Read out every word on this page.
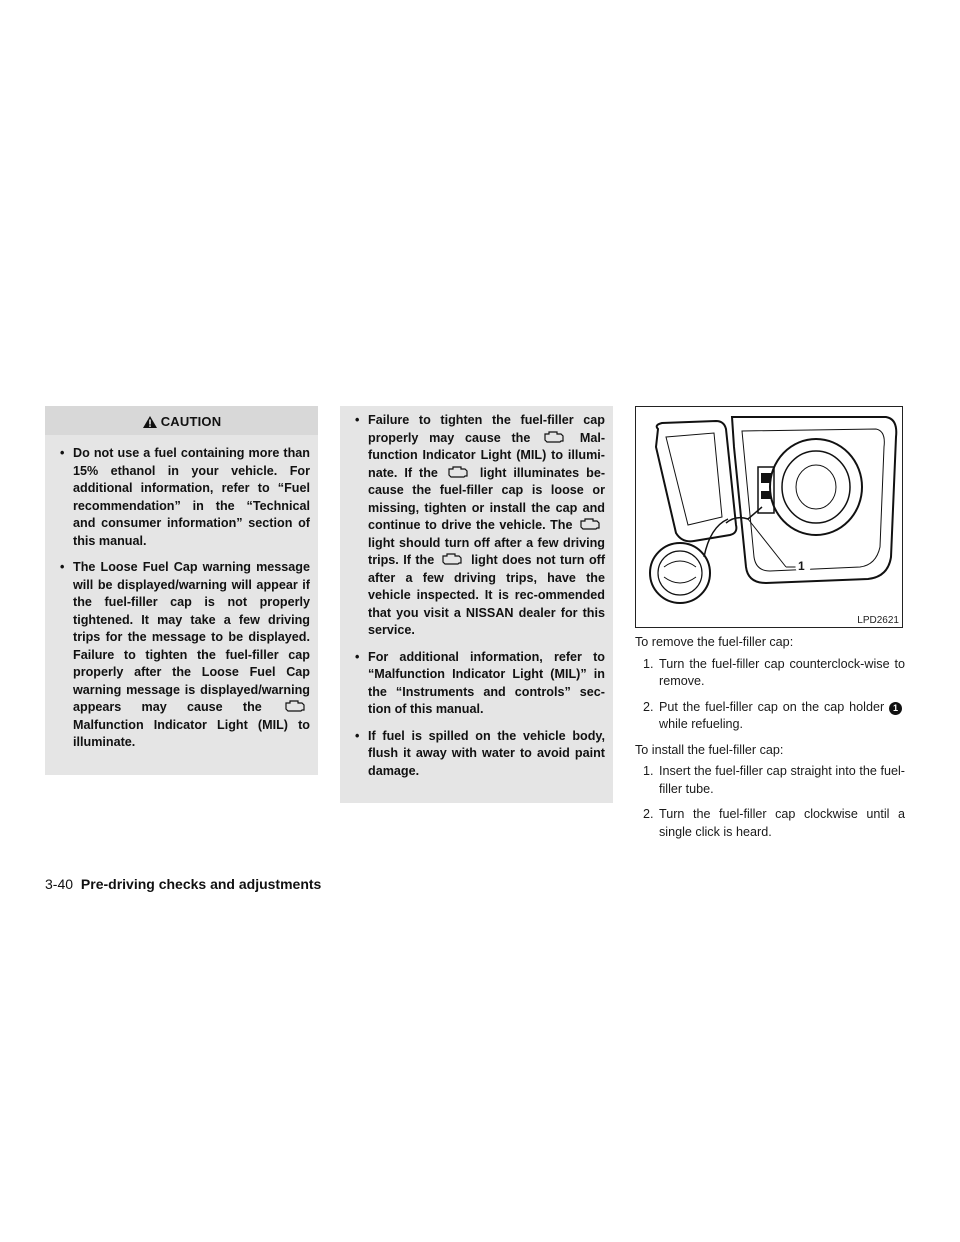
CAUTION
• Do not use a fuel containing more than 15% ethanol in your vehicle. For additional information, refer to “Fuel recommendation” in the “Technical and consumer information” section of this manual.
• The Loose Fuel Cap warning message will be displayed/warning will appear if the fuel-filler cap is not properly tightened. It may take a few driving trips for the message to be displayed. Failure to tighten the fuel-filler cap properly after the Loose Fuel Cap warning message is displayed/warning appears may cause the  Malfunction Indicator Light (MIL) to illuminate.
• Failure to tighten the fuel-filler cap properly may cause the	Mal-function Indicator Light (MIL) to illumi-nate. If the	light illuminates be-cause the fuel-filler cap is loose or missing, tighten or install the cap and continue to drive the vehicle. The  light should turn off after a few driving trips. If the	light does not turn off after a few driving trips, have the vehicle inspected. It is rec-ommended that you visit a NISSAN dealer for this service.
• For additional information, refer to “Malfunction Indicator Light (MIL)” in the “Instruments and controls” sec-tion of this manual.
• If fuel is spilled on the vehicle body, flush it away with water to avoid paint damage.
1
LPD2621

To remove the fuel-filler cap:

1. Turn the fuel-filler cap counterclock-wise to remove.
2. Put the fuel-filler cap on the cap holder 1while refueling.

To install the fuel-filler cap:

1. Insert the fuel-filler cap straight into the fuel-filler tube.
2. Turn the fuel-filler cap clockwise until a single click is heard.
3-40 Pre-driving checks and adjustments
